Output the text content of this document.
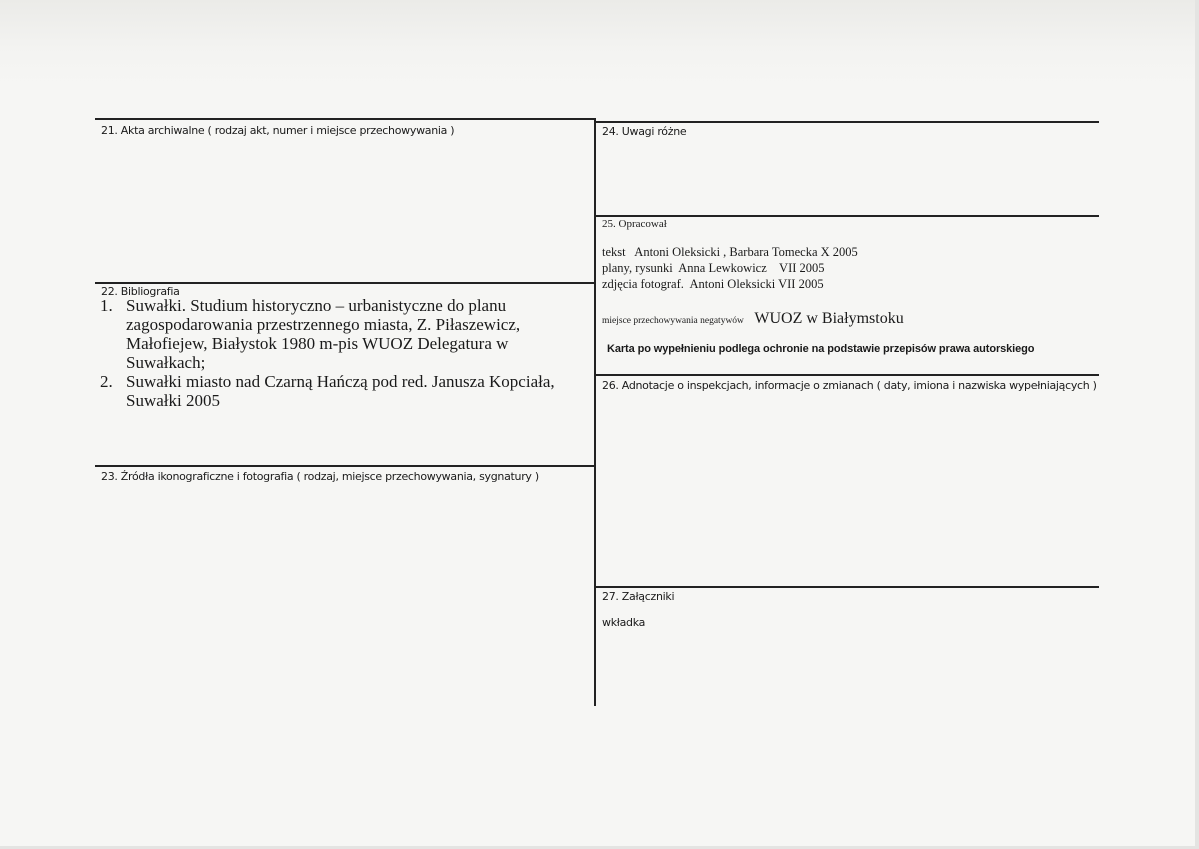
21. Akta archiwalne ( rodzaj akt, numer i miejsce przechowywania )
22. Bibliografia
1. Suwałki. Studium historyczno – urbanistyczne do planu zagospodarowania przestrzennego miasta, Z. Piłaszewicz, Małofiejew, Białystok 1980 m-pis WUOZ Delegatura w Suwałkach;
2. Suwałki miasto nad Czarną Hańczą pod red. Janusza Kopciała, Suwałki 2005
23. Źródła ikonograficzne i fotografia ( rodzaj, miejsce przechowywania, sygnatury )
24. Uwagi różne
25. Opracował
tekst   Antoni Oleksicki , Barbara Tomecka X 2005
plany, rysunki  Anna Lewkowicz    VII 2005
zdjęcia fotograf.  Antoni Oleksicki VII 2005
miejsce przechowywania negatywów WUOZ w Białymstoku
Karta po wypełnieniu podlega ochronie na podstawie przepisów prawa autorskiego
26. Adnotacje o inspekcjach, informacje o zmianach ( daty, imiona i nazwiska wypełniających )
27. Załączniki
wkładka
